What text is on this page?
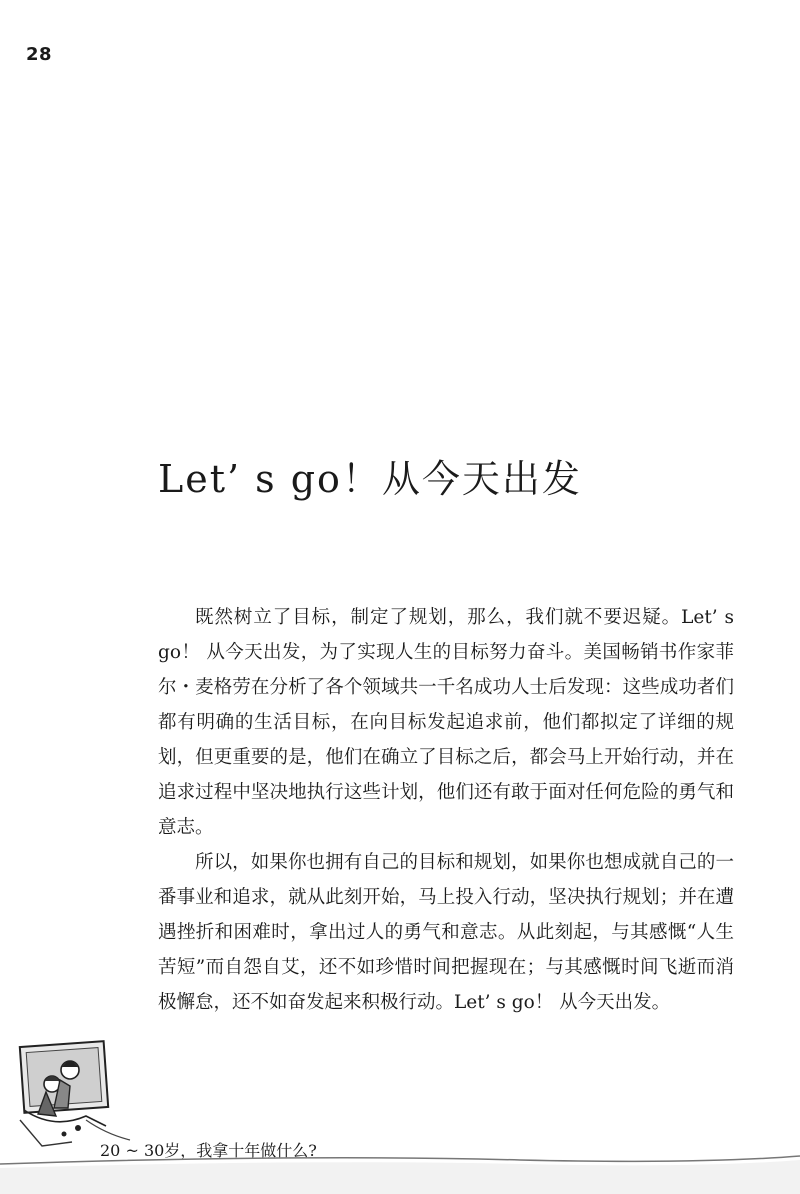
28
Let’ s go！从今天出发

既然树立了目标，制定了规划，那么，我们就不要迟疑。Let’ s go！ 从今天出发，为了实现人生的目标努力奋斗。美国畅销书作家菲尔・麦格劳在分析了各个领域共一千名成功人士后发现：这些成功者们都有明确的生活目标，在向目标发起追求前，他们都拟定了详细的规划，但更重要的是，他们在确立了目标之后，都会马上开始行动，并在追求过程中坚决地执行这些计划，他们还有敢于面对任何危险的勇气和意志。

所以，如果你也拥有自己的目标和规划，如果你也想成就自己的一番事业和追求，就从此刻开始，马上投入行动，坚决执行规划；并在遭遇挫折和困难时，拿出过人的勇气和意志。从此刻起，与其感慨“人生苦短”而自怨自艾，还不如珍惜时间把握现在；与其感慨时间飞逝而消极懈怠，还不如奋发起来积极行动。Let’ s go！ 从今天出发。

20 ~ 30岁，我拿十年做什么?
